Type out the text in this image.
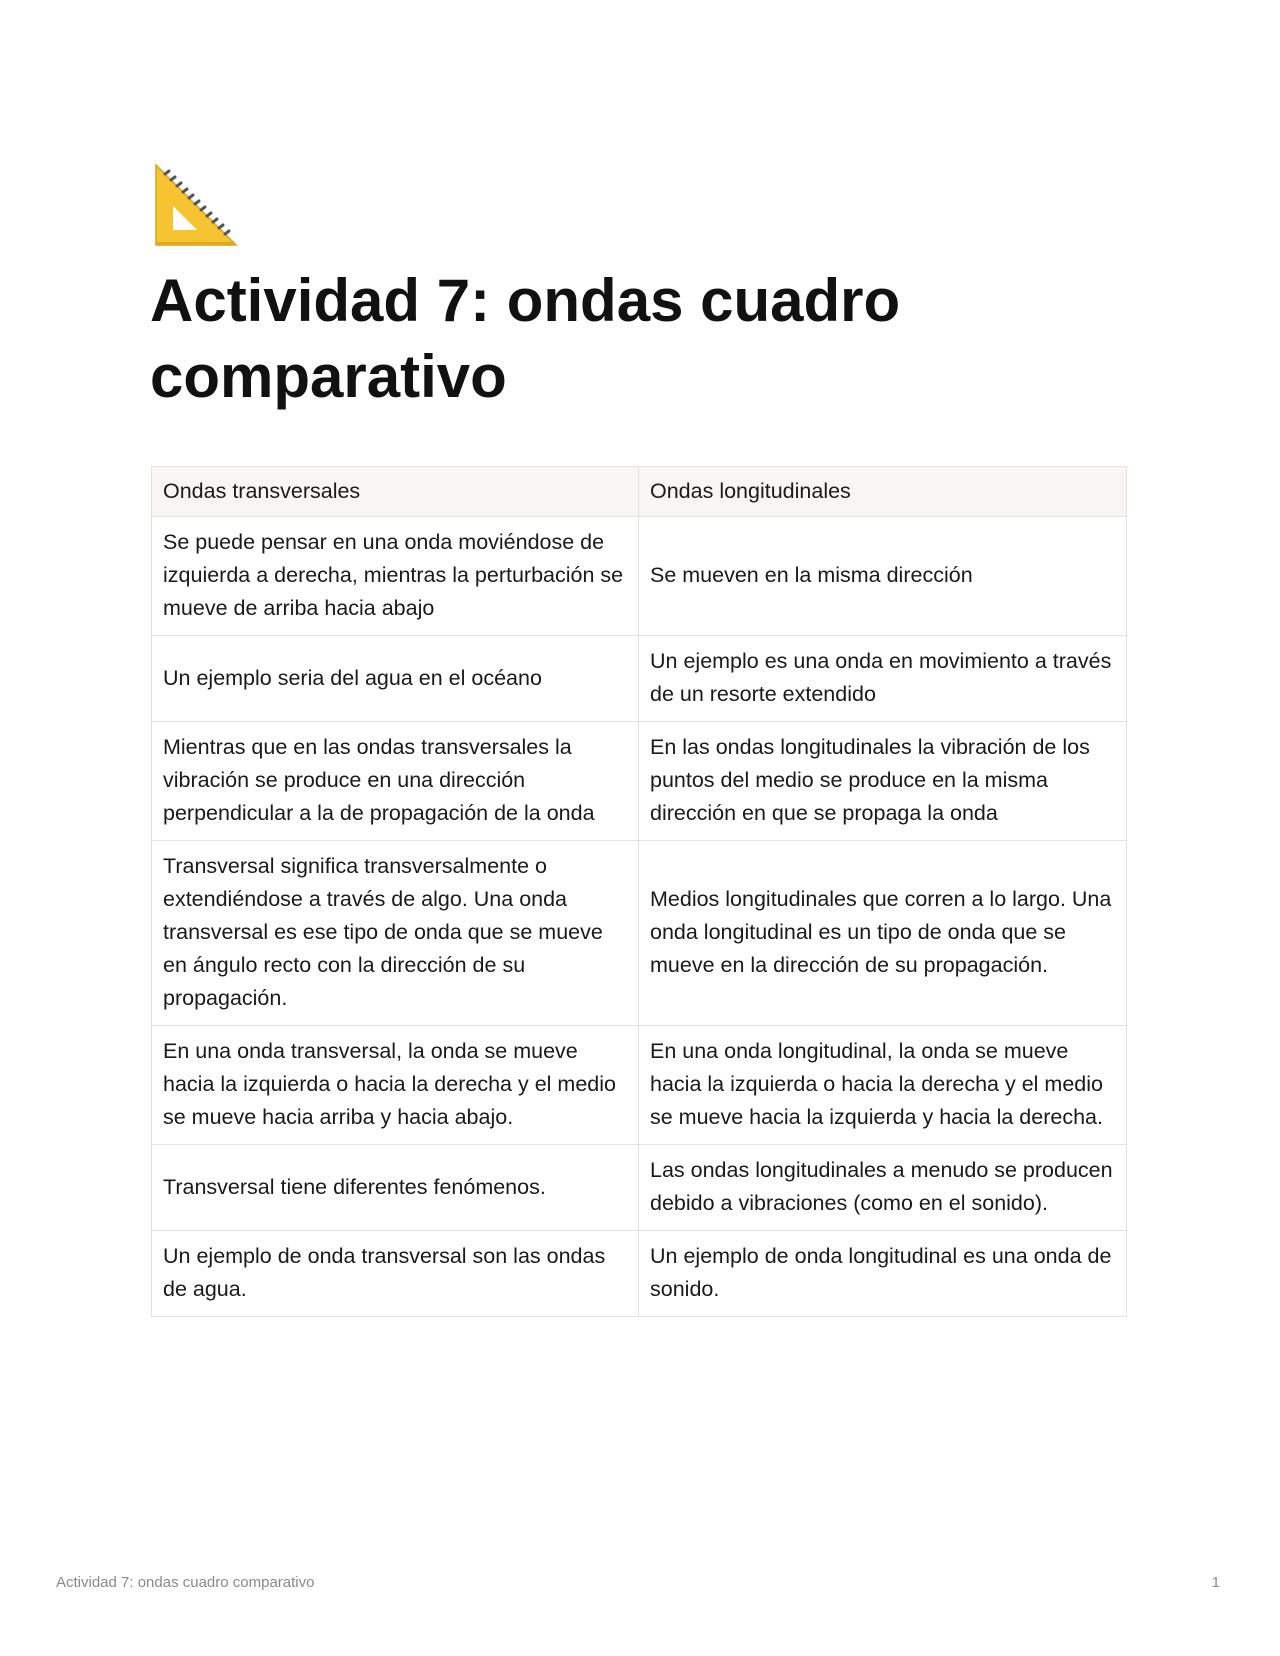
Actividad 7: ondas cuadro comparativo
Ondas transversales	Ondas longitudinales
Se puede pensar en una onda moviéndose de izquierda a derecha, mientras la perturbación se mueve de arriba hacia abajo	Se mueven en la misma dirección
Un ejemplo seria del agua en el océano	Un ejemplo es una onda en movimiento a través de un resorte extendido
Mientras que en las ondas transversales la vibración se produce en una dirección perpendicular a la de propagación de la onda	En las ondas longitudinales la vibración de los puntos del medio se produce en la misma dirección en que se propaga la onda
Transversal significa transversalmente o extendiéndose a través de algo. Una onda transversal es ese tipo de onda que se mueve en ángulo recto con la dirección de su propagación.	Medios longitudinales que corren a lo largo. Una onda longitudinal es un tipo de onda que se mueve en la dirección de su propagación.
En una onda transversal, la onda se mueve hacia la izquierda o hacia la derecha y el medio se mueve hacia arriba y hacia abajo.	En una onda longitudinal, la onda se mueve hacia la izquierda o hacia la derecha y el medio se mueve hacia la izquierda y hacia la derecha.
Transversal tiene diferentes fenómenos.	Las ondas longitudinales a menudo se producen debido a vibraciones (como en el sonido).
Un ejemplo de onda transversal son las ondas de agua.	Un ejemplo de onda longitudinal es una onda de sonido.
Actividad 7: ondas cuadro comparativo	1
